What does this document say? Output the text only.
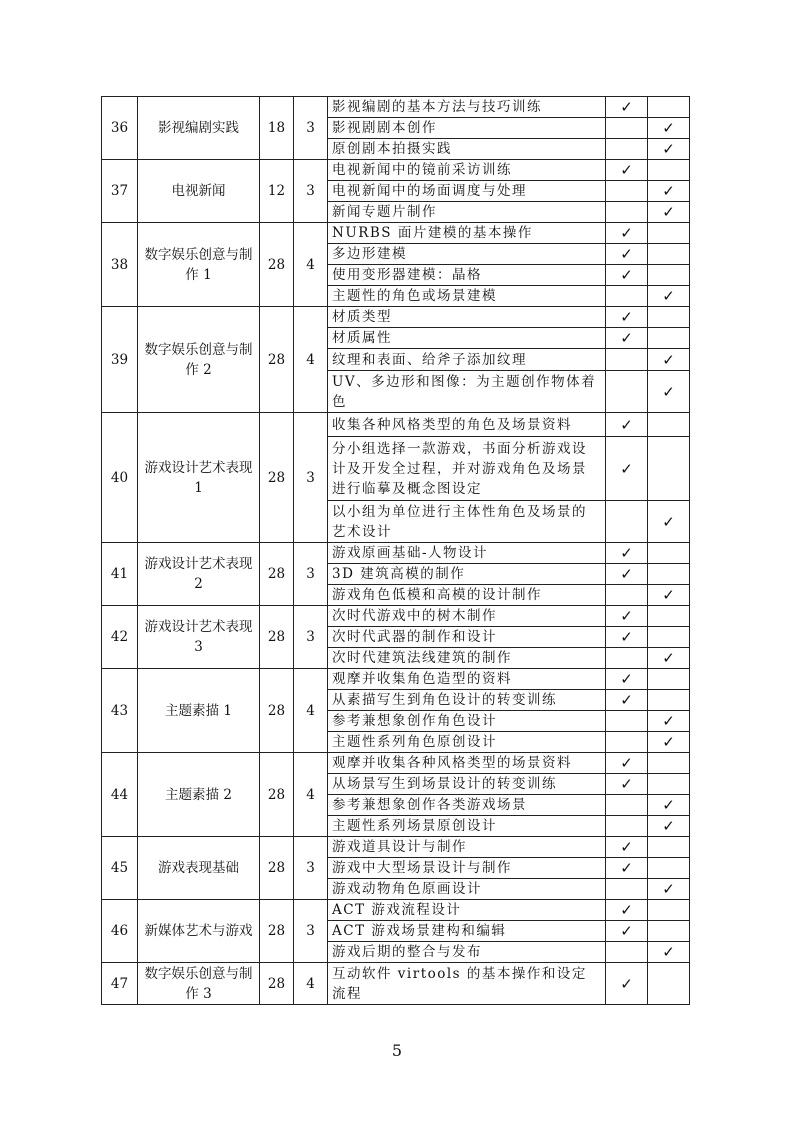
36	影视编剧实践	18	3	影视编剧的基本方法与技巧训练	✓	
				影视剧剧本创作		✓
				原创剧本拍摄实践		✓
37	电视新闻	12	3	电视新闻中的镜前采访训练	✓	
				电视新闻中的场面调度与处理		✓
				新闻专题片制作		✓
38	数字娱乐创意与制作 1	28	4	NURBS 面片建模的基本操作	✓	
				多边形建模	✓	
				使用变形器建模：晶格	✓	
				主题性的角色或场景建模		✓
39	数字娱乐创意与制作 2	28	4	材质类型	✓	
				材质属性	✓	
				纹理和表面、给斧子添加纹理		✓
				UV、多边形和图像：为主题创作物体着色		✓
40	游戏设计艺术表现 1	28	3	收集各种风格类型的角色及场景资料	✓	
				分小组选择一款游戏，书面分析游戏设 计及开发全过程，并对游戏角色及场景进行临摹及概念图设定	✓	
				以小组为单位进行主体性角色及场景的艺术设计		✓
41	游戏设计艺术表现 2	28	3	游戏原画基础-人物设计	✓	
				3D 建筑高模的制作	✓	
				游戏角色低模和高模的设计制作		✓
42	游戏设计艺术表现 3	28	3	次时代游戏中的树木制作	✓	
				次时代武器的制作和设计	✓	
				次时代建筑法线建筑的制作		✓
43	主题素描 1	28	4	观摩并收集角色造型的资料	✓	
				从素描写生到角色设计的转变训练	✓	
				参考兼想象创作角色设计		✓
				主题性系列角色原创设计		✓
44	主题素描 2	28	4	观摩并收集各种风格类型的场景资料	✓	
				从场景写生到场景设计的转变训练	✓	
				参考兼想象创作各类游戏场景		✓
				主题性系列场景原创设计		✓
45	游戏表现基础	28	3	游戏道具设计与制作	✓	
				游戏中大型场景设计与制作	✓	
				游戏动物角色原画设计		✓
46	新媒体艺术与游戏	28	3	ACT 游戏流程设计	✓	
				ACT 游戏场景建构和编辑	✓	
				游戏后期的整合与发布		✓
47	数字娱乐创意与制作 3	28	4	互动软件 virtools 的基本操作和设定流程	✓	
5
